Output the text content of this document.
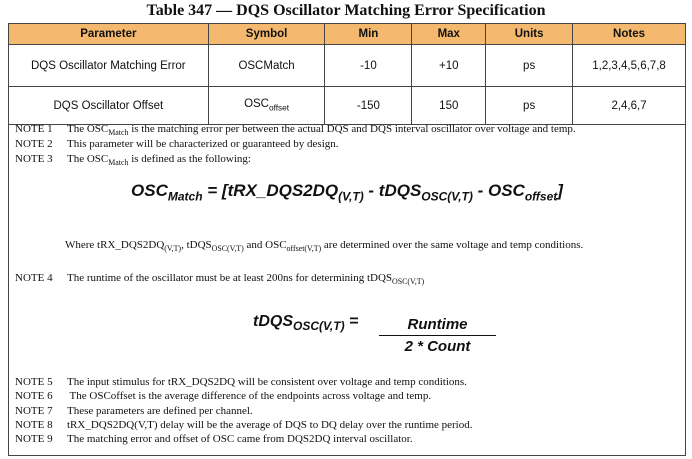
Table 347 — DQS Oscillator Matching Error Specification
Parameter	Symbol	Min	Max	Units	Notes
DQS Oscillator Matching Error	OSCMatch	-10	+10	ps	1,2,3,4,5,6,7,8
DQS Oscillator Offset	$OSC_{offset}$	-150	150	ps	2,4,6,7
NOTE 1 The $OSC_{Match}$ is the matching error per between the actual DQS and DQS interval oscillator over voltage and temp.
NOTE 2 This parameter will be characterized or guaranteed by design.
NOTE 3 The $OSC_{Match}$ is defined as the following:
$OSC_{Match}$ = [$tRX\_DQS2DQ_{(V,T)}$ - tDQS$_{OSC(V,T)}$ - $OSC_{offset}$]
Where $tRX\_DQS2DQ_{(V,T)}$, tDQS$_{OSC(V,T)}$ and $OSC_{offset(V,T)}$ are determined over the same voltage and temp conditions.
NOTE 4 The runtime of the oscillator must be at least 200ns for determining tDQS$_{OSC(V,T)}$
tDQS$_{OSC(V,T)}$ =	Runtime
2 * Count
NOTE 5 The input stimulus for tRX_DQS2DQ will be consistent over voltage and temp conditions.
NOTE 6 The OSCoffset is the average difference of the endpoints across voltage and temp.
NOTE 7 These parameters are defined per channel.
NOTE 8 tRX_DQS2DQ(V,T) delay will be the average of DQS to DQ delay over the runtime period.
NOTE 9 The matching error and offset of OSC came from DQS2DQ interval oscillator.
